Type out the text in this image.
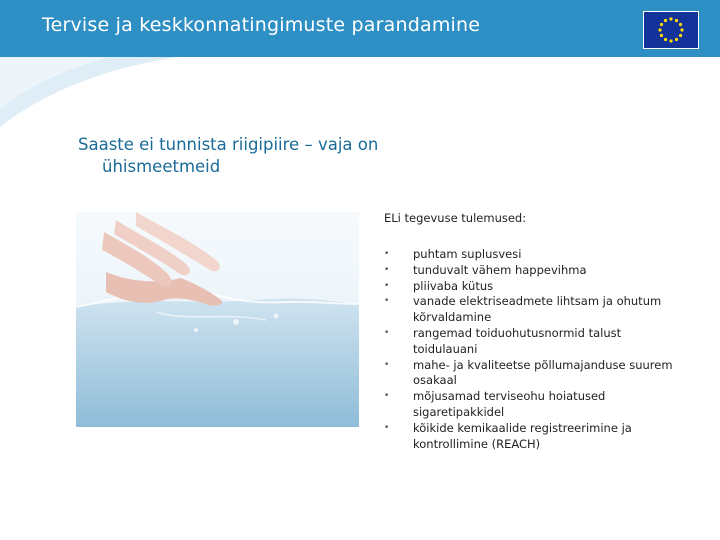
Tervise ja keskkonnatingimuste parandamine
Saaste ei tunnista riigipiire – vaja on
ühismeetmeid
ELi tegevuse tulemused:
• puhtam suplusvesi
• tunduvalt vähem happevihma
• pliivaba kütus
• vanade elektriseadmete lihtsam ja ohutum kõrvaldamine
• rangemad toiduohutusnormid talust toidulauani
• mahe- ja kvaliteetse põllumajanduse suurem osakaal
• mõjusamad terviseohu hoiatused sigaretipakkidel
• kõikide kemikaalide registreerimine ja kontrollimine (REACH)
